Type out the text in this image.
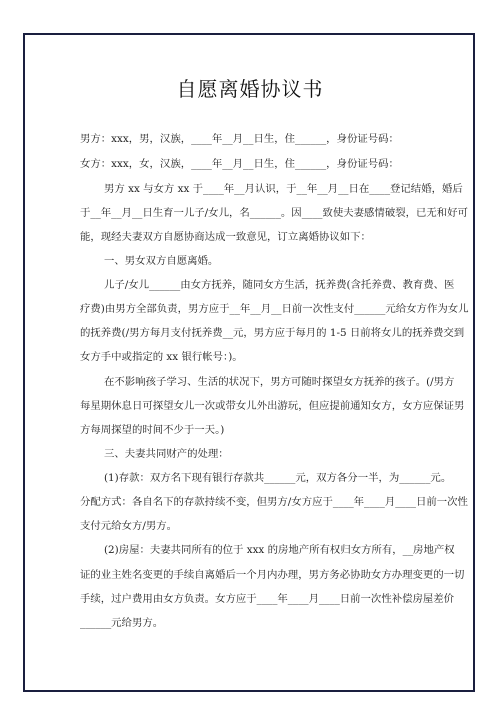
自愿离婚协议书
男方：xxx，男，汉族，____年__月__日生，住______，身份证号码：
女方：xxx，女，汉族，____年__月__日生，住______，身份证号码：
男方 xx 与女方 xx 于____年__月认识，于__年__月__日在____登记结婚，婚后
于__年__月__日生育一儿子/女儿，名______。因____致使夫妻感情破裂，已无和好可
能，现经夫妻双方自愿协商达成一致意见，订立离婚协议如下：
一、男女双方自愿离婚。
儿子/女儿______由女方抚养，随同女方生活，抚养费(含托养费、教育费、医
疗费)由男方全部负责，男方应于__年__月__日前一次性支付______元给女方作为女儿
的抚养费(/男方每月支付抚养费__元，男方应于每月的 1-5 日前将女儿的抚养费交到
女方手中或指定的 xx 银行帐号：)。
在不影响孩子学习、生活的状况下，男方可随时探望女方抚养的孩子。(/男方
每星期休息日可探望女儿一次或带女儿外出游玩，但应提前通知女方，女方应保证男
方每周探望的时间不少于一天。)
三、夫妻共同财产的处理：
(1)存款：双方名下现有银行存款共______元，双方各分一半，为______元。
分配方式：各自名下的存款持续不变，但男方/女方应于____年____月____日前一次性
支付元给女方/男方。
(2)房屋：夫妻共同所有的位于 xxx 的房地产所有权归女方所有，__房地产权
证的业主姓名变更的手续自离婚后一个月内办理，男方务必协助女方办理变更的一切
手续，过户费用由女方负责。女方应于____年____月____日前一次性补偿房屋差价
______元给男方。
